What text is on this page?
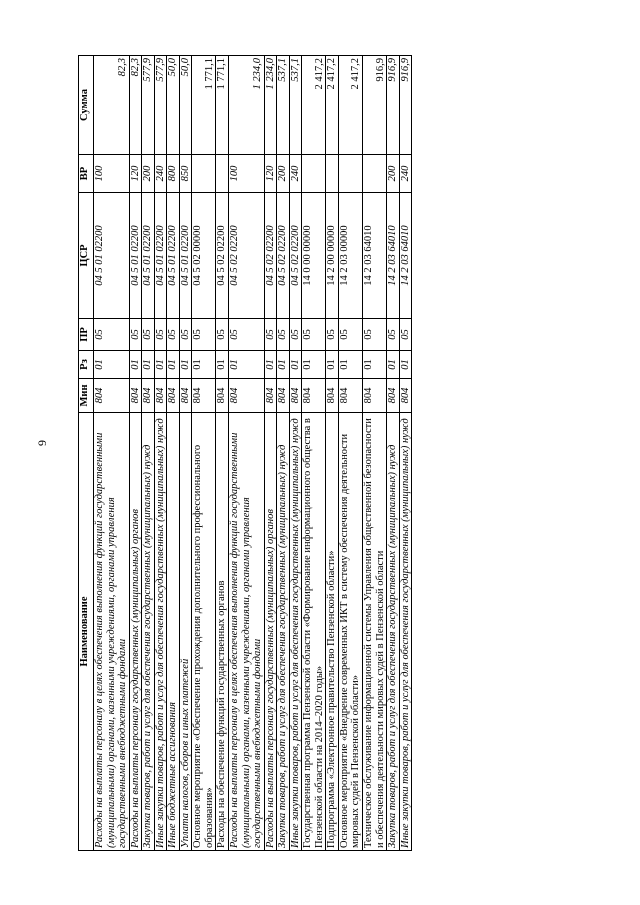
9
Наименование	Мин	Рз	ПР	ЦСР	ВР	Сумма
Расходы на выплаты персоналу в целях обеспечения выполнения функций государственными (муниципальными) органами, казенными учреждениями, органами управления государственными внебюджетными фондами	804	01	05	04 5 01 02200	100	82,3
Расходы на выплаты персоналу государственных (муниципальных) органов	804	01	05	04 5 01 02200	120	82,3
Закупка товаров, работ и услуг для обеспечения государственных (муниципальных) нужд	804	01	05	04 5 01 02200	200	577,9
Иные закупки товаров, работ и услуг для обеспечения государственных (муниципальных) нужд	804	01	05	04 5 01 02200	240	577,9
Иные бюджетные ассигнования	804	01	05	04 5 01 02200	800	50,0
Уплата налогов, сборов и иных платежей	804	01	05	04 5 01 02200	850	50,0
Основное мероприятие «Обеспечение прохождения дополнительного профессионального образования»	804	01	05	04 5 02 00000		1 771,1
Расходы на обеспечение функций государственных органов	804	01	05	04 5 02 02200		1 771,1
Расходы на выплаты персоналу в целях обеспечения выполнения функций государственными (муниципальными) органами, казенными учреждениями, органами управления государственными внебюджетными фондами	804	01	05	04 5 02 02200	100	1 234,0
Расходы на выплаты персоналу государственных (муниципальных) органов	804	01	05	04 5 02 02200	120	1 234,0
Закупка товаров, работ и услуг для обеспечения государственных (муниципальных) нужд	804	01	05	04 5 02 02200	200	537,1
Иные закупки товаров, работ и услуг для обеспечения государственных (муниципальных) нужд	804	01	05	04 5 02 02200	240	537,1
Государственная программа Пензенской области «Формирование информационного общества в Пензенской области на 2014–2020 годы»	804	01	05	14 0 00 00000		2 417,2
Подпрограмма «Электронное правительство Пензенской области»	804	01	05	14 2 00 00000		2 417,2
Основное мероприятие «Внедрение современных ИКТ в систему обеспечения деятельности мировых судей в Пензенской области»	804	01	05	14 2 03 00000		2 417,2
Техническое обслуживание информационной системы Управления общественной безопасности и обеспечения деятельности мировых судей в Пензенской области	804	01	05	14 2 03 64010		916,9
Закупка товаров, работ и услуг для обеспечения государственных (муниципальных) нужд	804	01	05	14 2 03 64010	200	916,9
Иные закупки товаров, работ и услуг для обеспечения государственных (муниципальных) нужд	804	01	05	14 2 03 64010	240	916,9
